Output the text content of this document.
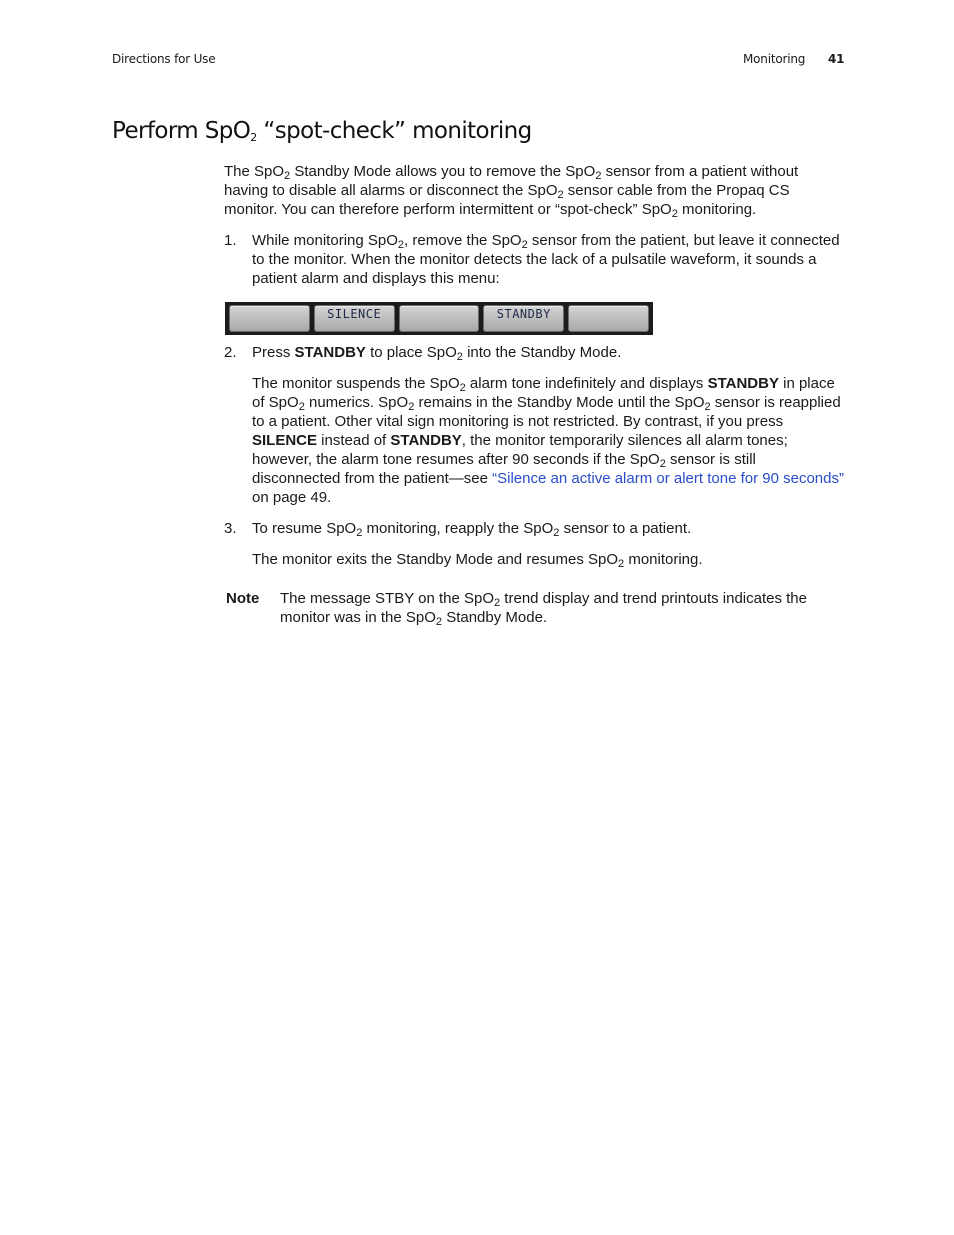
Directions for Use	Monitoring 41
Perform SpO$_2$ “spot-check” monitoring

The SpO$_2$ Standby Mode allows you to remove the SpO$_2$ sensor from a patient without having to disable all alarms or disconnect the SpO$_2$ sensor cable from the Propaq CS monitor. You can therefore perform intermittent or “spot-check” SpO$_2$ monitoring.

1. While monitoring SpO$_2$, remove the SpO$_2$ sensor from the patient, but leave it connected to the monitor. When the monitor detects the lack of a pulsatile waveform, it sounds a patient alarm and displays this menu:

SILENCE	STANDBY
2. Press STANDBY to place SpO$_2$ into the Standby Mode.

The monitor suspends the SpO$_2$ alarm tone indefinitely and displays STANDBY in place of SpO$_2$ numerics. SpO$_2$ remains in the Standby Mode until the SpO$_2$ sensor is reapplied to a patient. Other vital sign monitoring is not restricted. By contrast, if you press SILENCE instead of STANDBY, the monitor temporarily silences all alarm tones; however, the alarm tone resumes after 90 seconds if the SpO$_2$ sensor is still disconnected from the patient—see “Silence an active alarm or alert tone for 90 seconds” on page 49.

3. To resume SpO$_2$ monitoring, reapply the SpO$_2$ sensor to a patient.

The monitor exits the Standby Mode and resumes SpO$_2$ monitoring.

Note	The message STBY on the SpO$_2$ trend display and trend printouts indicates the monitor was in the SpO$_2$ Standby Mode.
